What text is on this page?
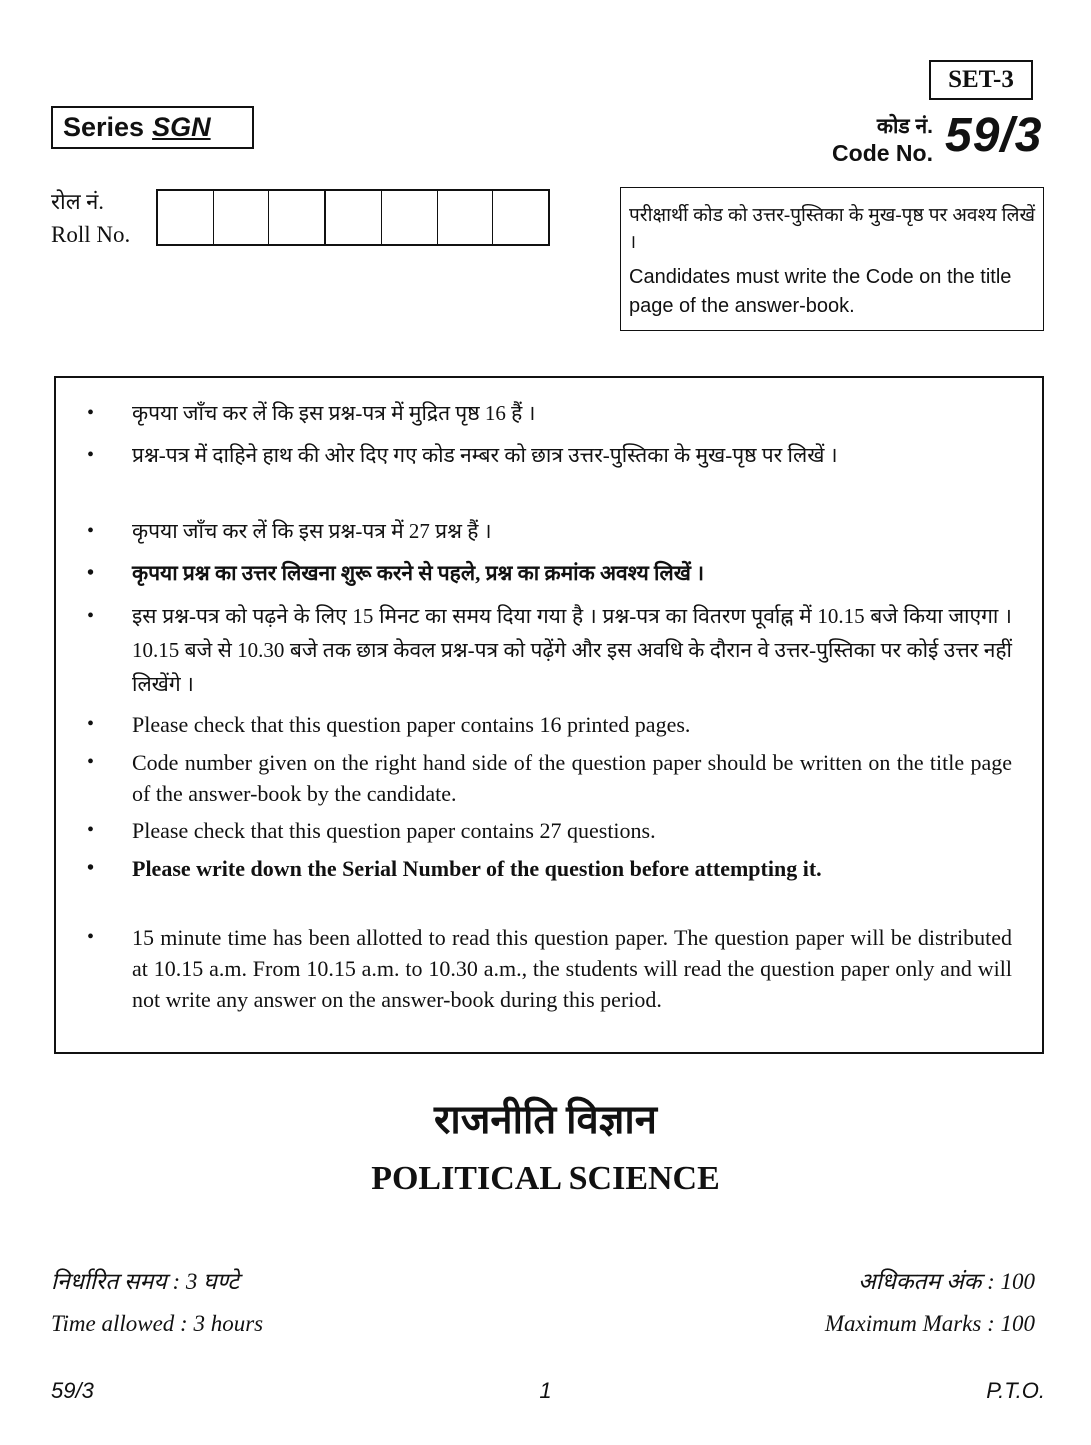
SET-3
Series SGN	कोड नं.
Code No. 59/3
रोल नं.
Roll No.
परीक्षार्थी कोड को उत्तर-पुस्तिका के मुख-पृष्ठ पर अवश्य लिखें ।
Candidates must write the Code on the title page of the answer-book.
• कृपया जाँच कर लें कि इस प्रश्न-पत्र में मुद्रित पृष्ठ 16 हैं ।
• प्रश्न-पत्र में दाहिने हाथ की ओर दिए गए कोड नम्बर को छात्र उत्तर-पुस्तिका के मुख-पृष्ठ पर लिखें ।
• कृपया जाँच कर लें कि इस प्रश्न-पत्र में 27 प्रश्न हैं ।
• कृपया प्रश्न का उत्तर लिखना शुरू करने से पहले, प्रश्न का क्रमांक अवश्य लिखें ।
• इस प्रश्न-पत्र को पढ़ने के लिए 15 मिनट का समय दिया गया है । प्रश्न-पत्र का वितरण पूर्वाह्न में 10.15 बजे किया जाएगा । 10.15 बजे से 10.30 बजे तक छात्र केवल प्रश्न-पत्र को पढ़ेंगे और इस अवधि के दौरान वे उत्तर-पुस्तिका पर कोई उत्तर नहीं लिखेंगे ।
• Please check that this question paper contains 16 printed pages.
• Code number given on the right hand side of the question paper should be written on the title page of the answer-book by the candidate.
• Please check that this question paper contains 27 questions.
• Please write down the Serial Number of the question before attempting it.
• 15 minute time has been allotted to read this question paper. The question paper will be distributed at 10.15 a.m. From 10.15 a.m. to 10.30 a.m., the students will read the question paper only and will not write any answer on the answer-book during this period.
राजनीति विज्ञान
POLITICAL SCIENCE
निर्धारित समय : 3 घण्टे
Time allowed : 3 hours
अधिकतम अंक : 100
Maximum Marks : 100
59/3	1	P.T.O.
